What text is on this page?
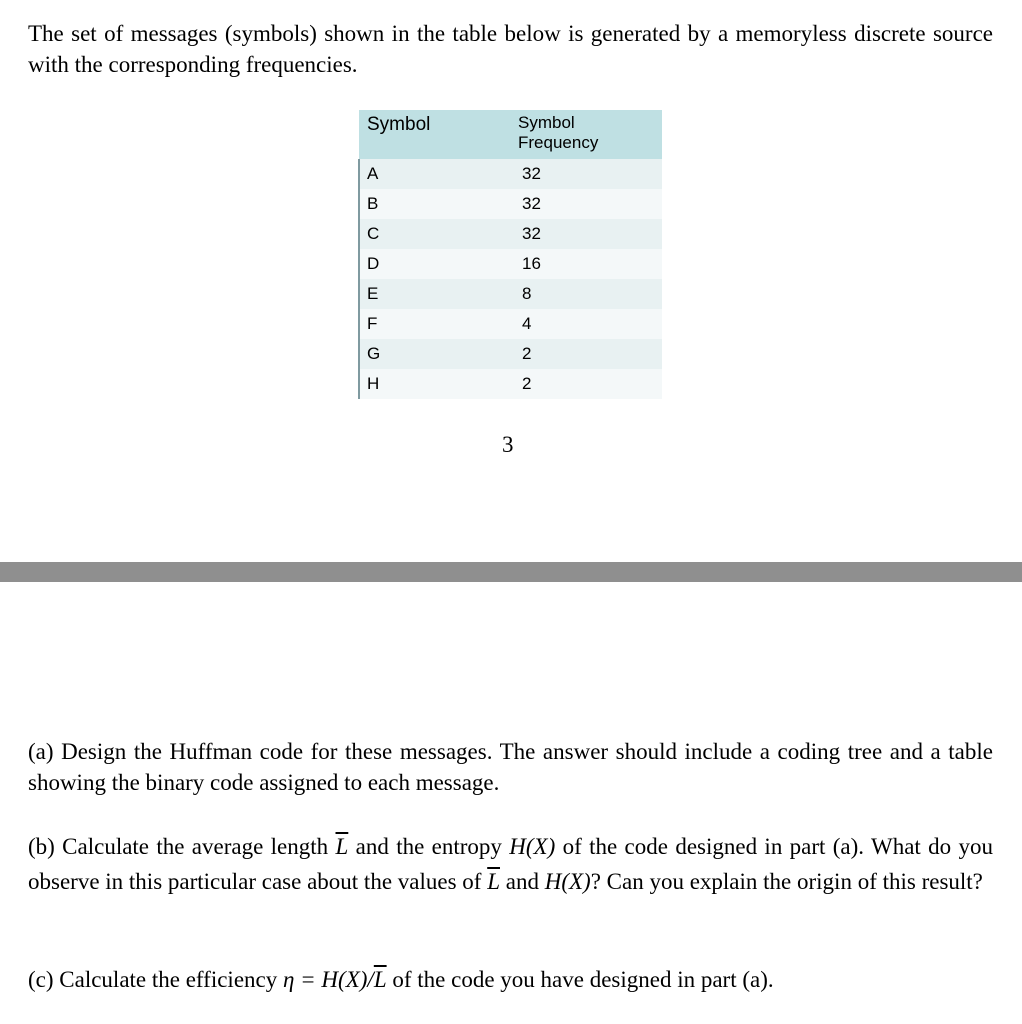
The set of messages (symbols) shown in the table below is generated by a memoryless discrete source with the corresponding frequencies.

Symbol	Symbol
Frequency
A	32
B	32
C	32
D	16
E	8
F	4
G	2
H	2
3

(a) Design the Huffman code for these messages. The answer should include a coding tree and a table showing the binary code assigned to each message.

(b) Calculate the average length $\overline{L}$ and the entropy H(X) of the code designed in part (a). What do you observe in this particular case about the values of $\overline{L}$ and H(X)? Can you explain the origin of this result?

(c) Calculate the efficiency $\eta = H(X)/\overline{L}$ of the code you have designed in part (a).
